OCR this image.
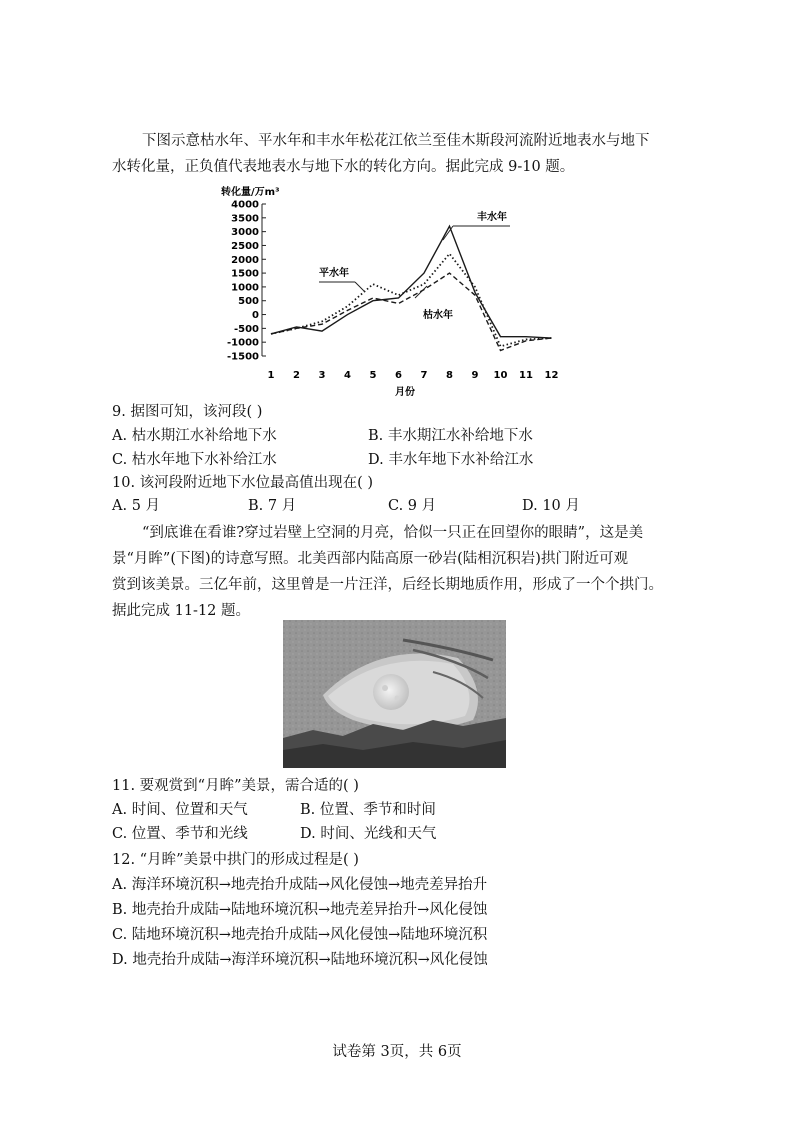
下图示意枯水年、平水年和丰水年松花江依兰至佳木斯段河流附近地表水与地下

水转化量，正负值代表地表水与地下水的转化方向。据此完成 9-10 题。

转化量/万m³
4000
3500
3000
2500
2000
1500
1000
500
0
-500
-1000
-1500
1 2 3 4 5 6 7 8 9 10 11 12
丰水年
平水年
枯水年
月份
9. 据图可知，该河段( )
A. 枯水期江水补给地下水	B. 丰水期江水补给地下水
C. 枯水年地下水补给江水	D. 丰水年地下水补给江水
10. 该河段附近地下水位最高值出现在( )
A. 5 月	B. 7 月	C. 9 月	D. 10 月

“到底谁在看谁?穿过岩壁上空洞的月亮，恰似一只正在回望你的眼睛”，这是美

景“月眸”(下图)的诗意写照。北美西部内陆高原一砂岩(陆相沉积岩)拱门附近可观

赏到该美景。三亿年前，这里曾是一片汪洋，后经长期地质作用，形成了一个个拱门。

据此完成 11-12 题。

11. 要观赏到“月眸”美景，需合适的( )
A. 时间、位置和天气	B. 位置、季节和时间
C. 位置、季节和光线	D. 时间、光线和天气
12. “月眸”美景中拱门的形成过程是( )
A. 海洋环境沉积→地壳抬升成陆→风化侵蚀→地壳差异抬升
B. 地壳抬升成陆→陆地环境沉积→地壳差异抬升→风化侵蚀
C. 陆地环境沉积→地壳抬升成陆→风化侵蚀→陆地环境沉积
D. 地壳抬升成陆→海洋环境沉积→陆地环境沉积→风化侵蚀
试卷第 3页，共 6页
